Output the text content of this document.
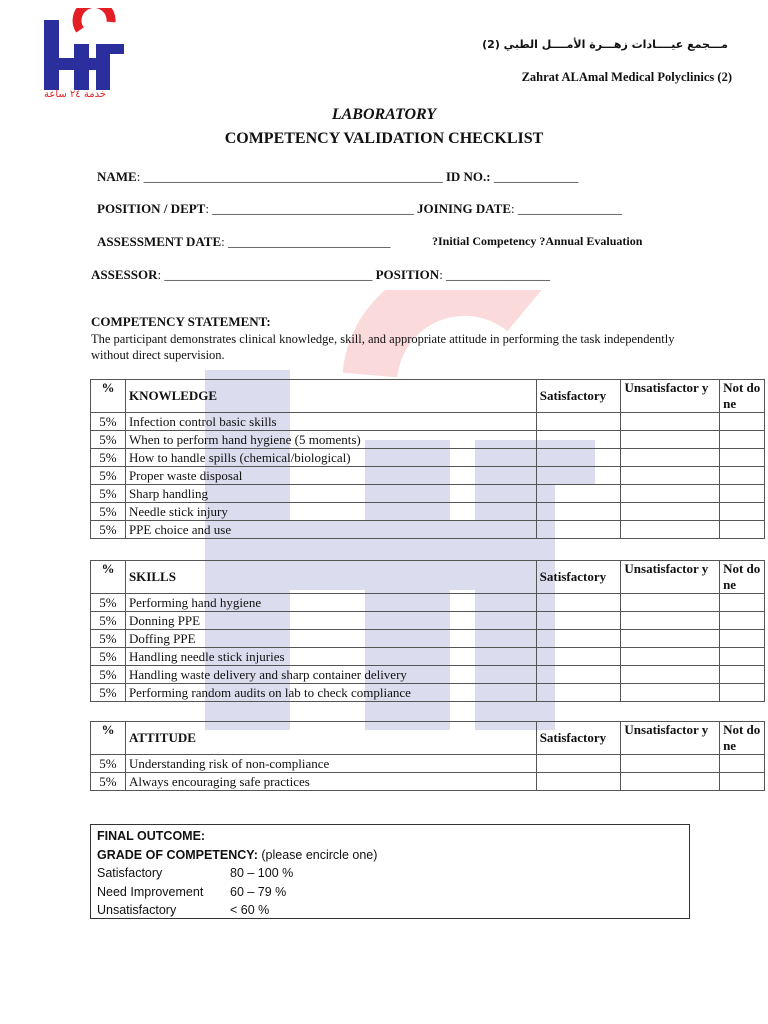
خدمة ٢٤ ساعة
مـــجمع عيــــادات زهـــرة الأمــــل الطبي (2)
Zahrat ALAmal Medical Polyclinics (2)
LABORATORY
COMPETENCY VALIDATION CHECKLIST
NAME: ______________________________________________ ID NO.: _____________
POSITION / DEPT: _______________________________ JOINING DATE: ________________
ASSESSMENT DATE: _________________________	?Initial Competency ?Annual Evaluation
ASSESSOR: ________________________________ POSITION: ________________
COMPETENCY STATEMENT:
The participant demonstrates clinical knowledge, skill, and appropriate attitude in performing the task independently without direct supervision.
%	KNOWLEDGE	Satisfactory	Unsatisfactor y	Not done

5%	Infection control basic skills			
5%	When to perform hand hygiene (5 moments)			
5%	How to handle spills (chemical/biological)			
5%	Proper waste disposal			
5%	Sharp handling			
5%	Needle stick injury			
5%	PPE choice and use			
%	SKILLS	Satisfactory	Unsatisfactor y	Not done

5%	Performing hand hygiene			
5%	Donning PPE			
5%	Doffing PPE			
5%	Handling needle stick injuries			
5%	Handling waste delivery and sharp container delivery			
5%	Performing random audits on lab to check compliance			
%	ATTITUDE	Satisfactory	Unsatisfactor y	Not done

5%	Understanding risk of non-compliance			
5%	Always encouraging safe practices			
FINAL OUTCOME:
GRADE OF COMPETENCY: (please encircle one)
Satisfactory	80 – 100 %
Need Improvement	60 – 79 %
Unsatisfactory	< 60 %
